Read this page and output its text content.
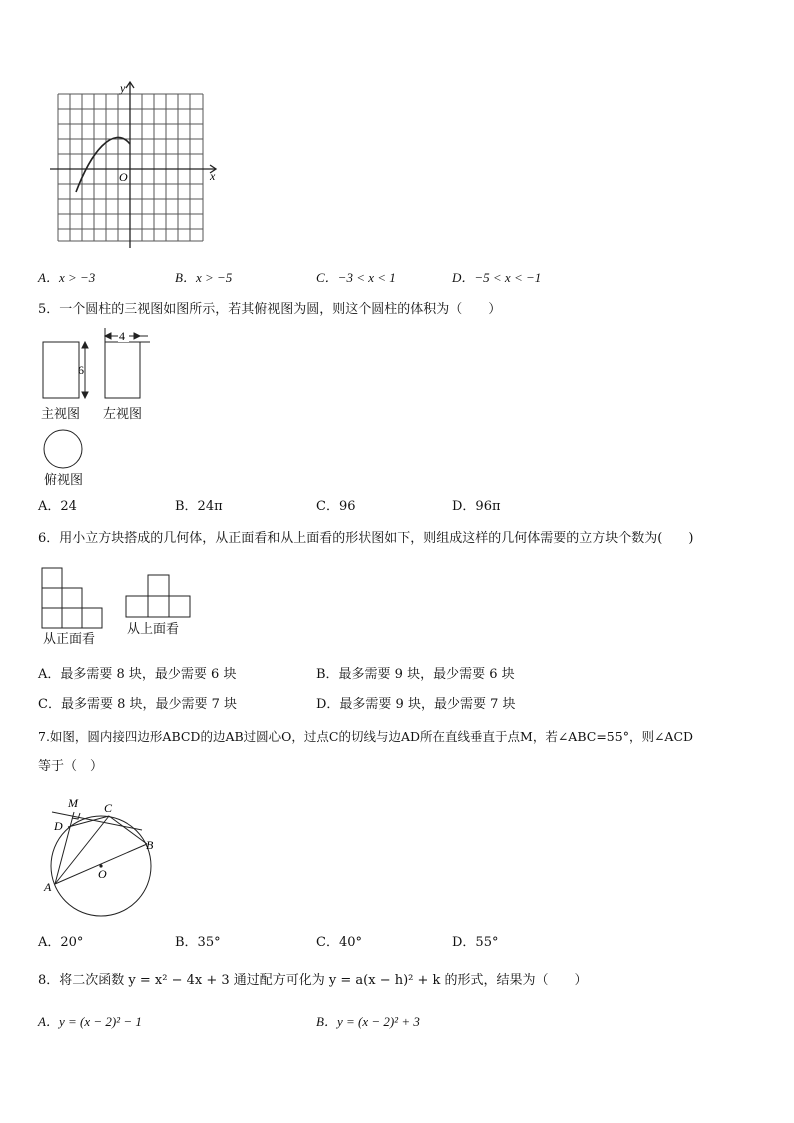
y
x
O
A．x > −3	B．x > −5	C．−3 < x < 1	D．−5 < x < −1
5．一个圆柱的三视图如图所示，若其俯视图为圆，则这个圆柱的体积为（　　）
6
4
主视图 左视图
俯视图
A．24	B．24π	C．96	D．96π
6．用小立方块搭成的几何体，从正面看和从上面看的形状图如下，则组成这样的几何体需要的立方块个数为(　　)
从正面看
从上面看
A．最多需要 8 块，最少需要 6 块	B．最多需要 9 块，最少需要 6 块
C．最多需要 8 块，最少需要 7 块	D．最多需要 9 块，最少需要 7 块
7.如图，圆内接四边形ABCD的边AB过圆心O，过点C的切线与边AD所在直线垂直于点M，若∠ABC=55°，则∠ACD
等于（　）
M C
D
B
A
O
A．20°	B．35°	C．40°	D．55°
8．将二次函数 y = x² − 4x + 3 通过配方可化为 y = a(x − h)² + k 的形式，结果为（　　）
A．y = (x − 2)² − 1	B．y = (x − 2)² + 3
